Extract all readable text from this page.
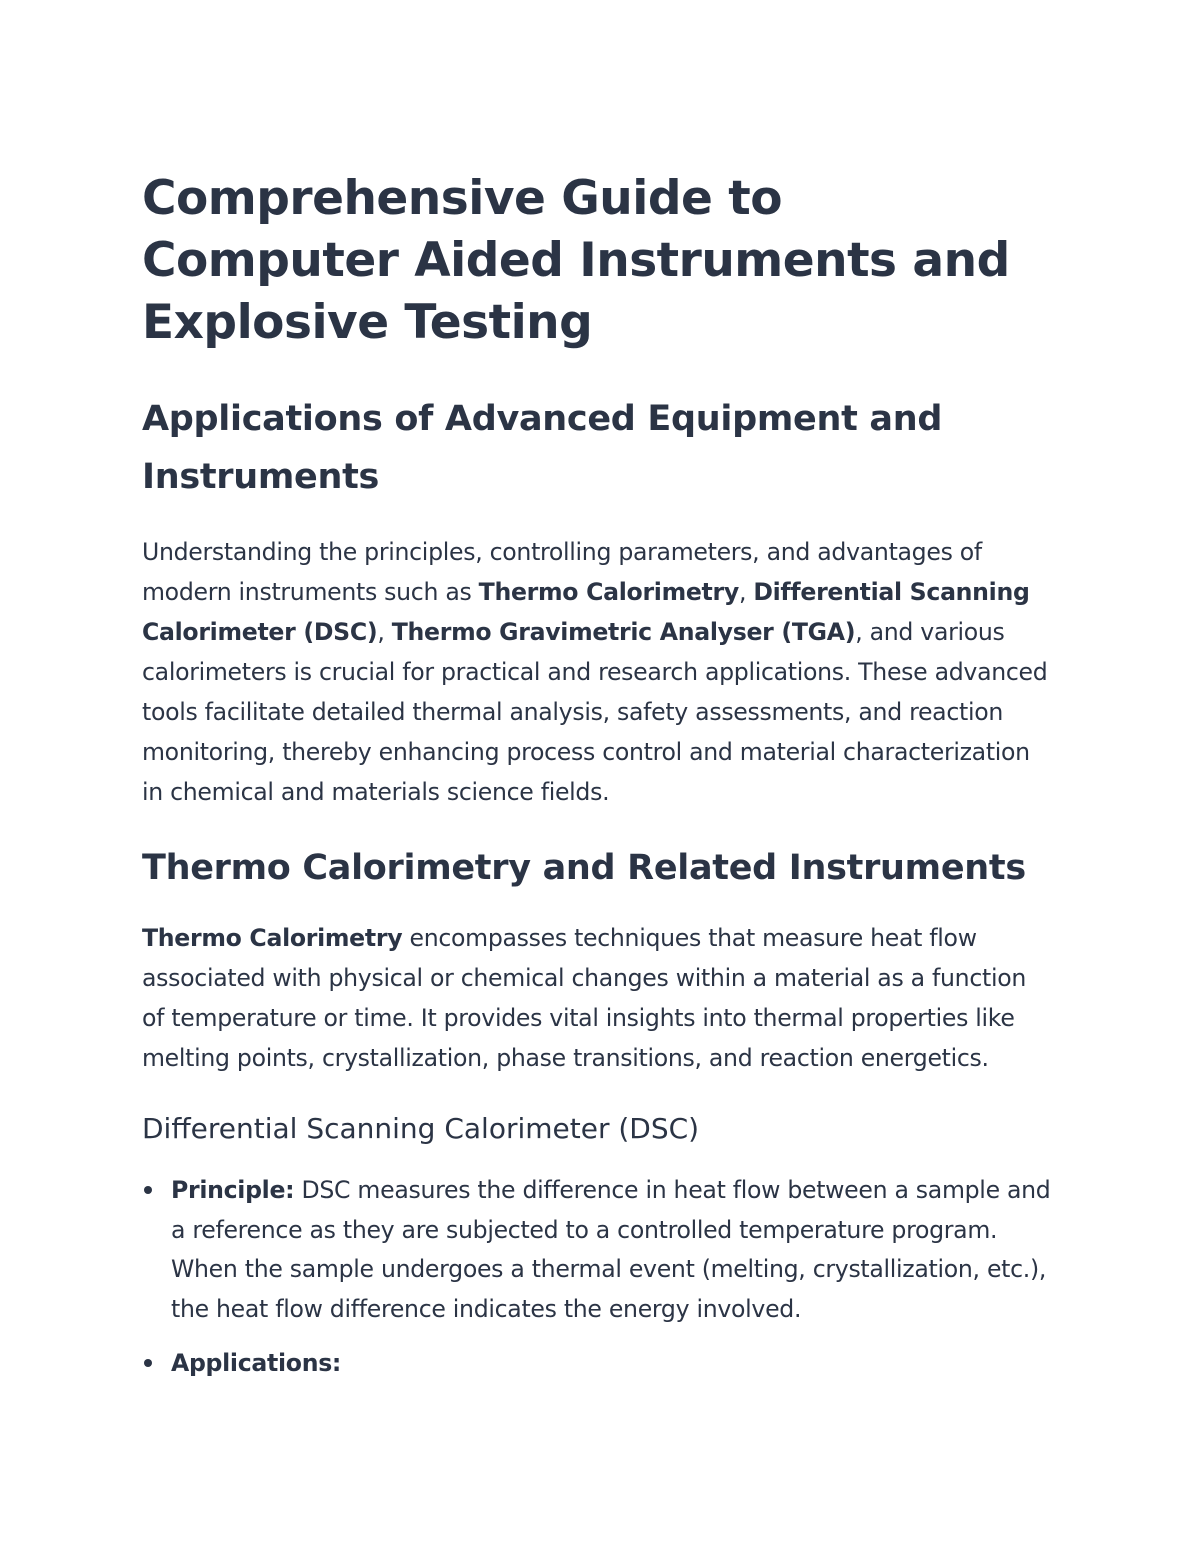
Comprehensive Guide to Computer Aided Instruments and Explosive Testing
Applications of Advanced Equipment and Instruments

Understanding the principles, controlling parameters, and advantages of modern instruments such as Thermo Calorimetry, Differential Scanning Calorimeter (DSC), Thermo Gravimetric Analyser (TGA), and various calorimeters is crucial for practical and research applications. These advanced tools facilitate detailed thermal analysis, safety assessments, and reaction monitoring, thereby enhancing process control and material characterization in chemical and materials science fields.

Thermo Calorimetry and Related Instruments

Thermo Calorimetry encompasses techniques that measure heat flow associated with physical or chemical changes within a material as a function of temperature or time. It provides vital insights into thermal properties like melting points, crystallization, phase transitions, and reaction energetics.

Differential Scanning Calorimeter (DSC)
Principle: DSC measures the difference in heat flow between a sample and a reference as they are subjected to a controlled temperature program. When the sample undergoes a thermal event (melting, crystallization, etc.), the heat flow difference indicates the energy involved.
Applications:
